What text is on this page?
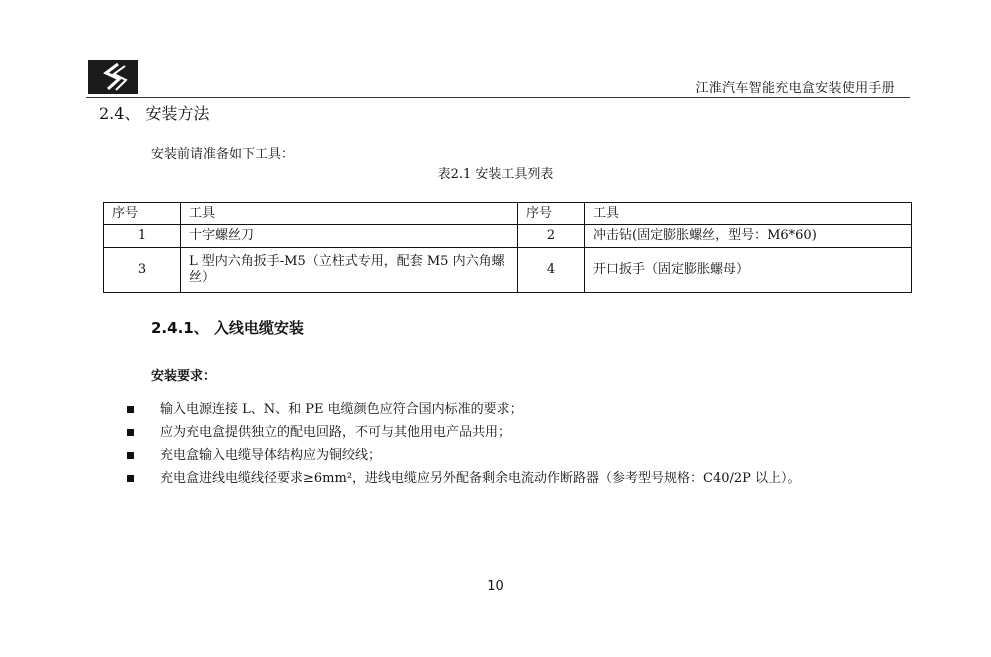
江淮汽车智能充电盒安装使用手册
2.4、 安装方法
安装前请准备如下工具：
表2.1 安装工具列表
序号	工具	序号	工具
1	十字螺丝刀	2	冲击钻(固定膨胀螺丝，型号：M6*60)
3	L 型内六角扳手-M5（立柱式专用，配套 M5 内六角螺丝）	4	开口扳手（固定膨胀螺母）
2.4.1、 入线电缆安装
安装要求：
输入电源连接 L、N、和 PE 电缆颜色应符合国内标准的要求；
应为充电盒提供独立的配电回路，不可与其他用电产品共用；
充电盒输入电缆导体结构应为铜绞线；
充电盒进线电缆线径要求≥6mm²，进线电缆应另外配备剩余电流动作断路器（参考型号规格：C40/2P 以上）。
10
